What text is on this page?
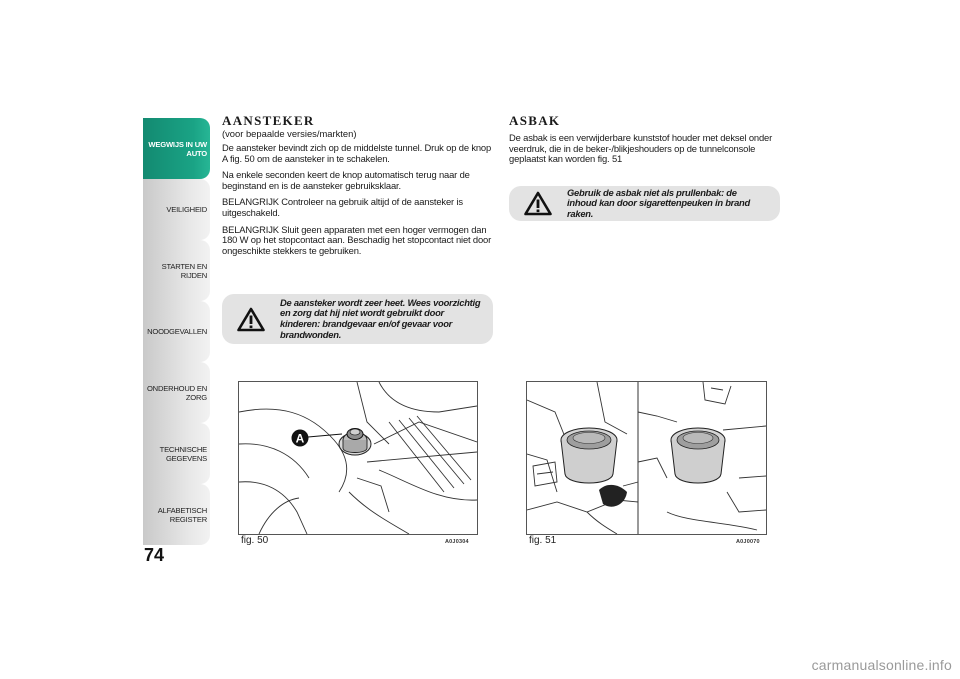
WEGWIJS IN UW
AUTO
VEILIGHEID
STARTEN EN RIJDEN
NOODGEVALLEN
ONDERHOUD EN
ZORG
TECHNISCHE
GEGEVENS
ALFABETISCH
REGISTER
74
AANSTEKER
(voor bepaalde versies/markten)

De aansteker bevindt zich op de middelste tunnel. Druk op de knop A fig. 50 om de aansteker in te schakelen.

Na enkele seconden keert de knop automatisch terug naar de beginstand en is de aansteker gebruiksklaar.

BELANGRIJK Controleer na gebruik altijd of de aansteker is uitgeschakeld.

BELANGRIJK Sluit geen apparaten met een hoger vermogen dan 180 W op het stopcontact aan. Beschadig het stopcontact niet door ongeschikte stekkers te gebruiken.

De aansteker wordt zeer heet. Wees voorzichtig en zorg dat hij niet wordt gebruikt door kinderen: brandgevaar en/of gevaar voor brandwonden.
ASBAK

De asbak is een verwijderbare kunststof houder met deksel onder veerdruk, die in de beker-/blikjeshouders op de tunnelconsole geplaatst kan worden fig. 51

Gebruik de asbak niet als prullenbak: de inhoud kan door sigarettenpeuken in brand raken.
A
fig. 50	A0J0304	fig. 51	A0J0070
carmanualsonline.info
